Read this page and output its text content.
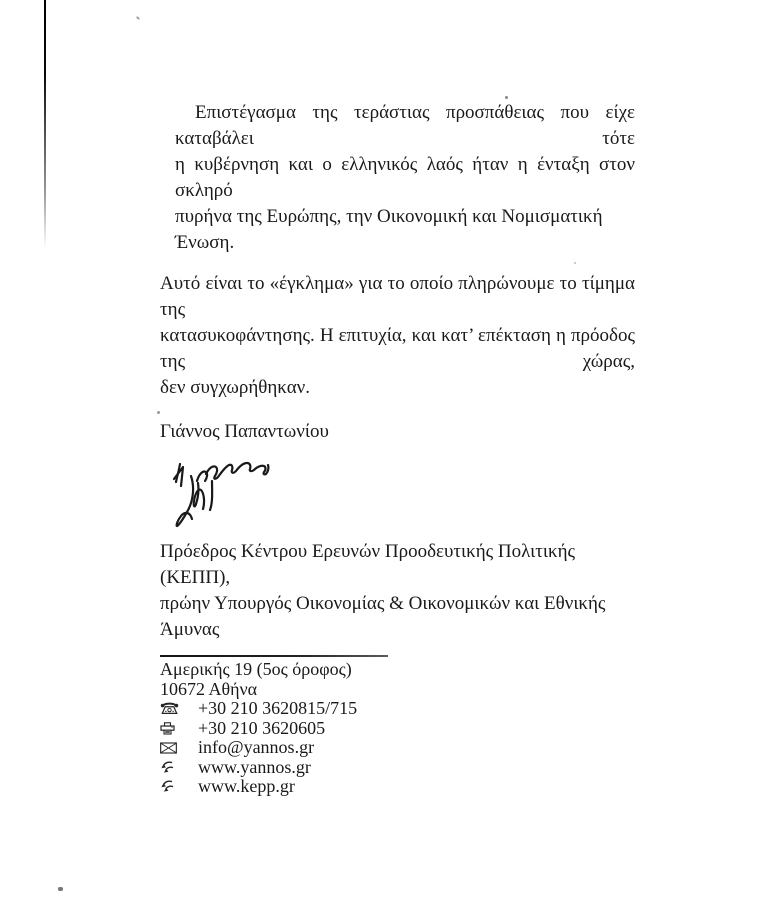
Επιστέγασμα της τεράστιας προσπάθειας που είχε καταβάλει τότε
η κυβέρνηση και ο ελληνικός λαός ήταν η ένταξη στον σκληρό
πυρήνα της Ευρώπης, την Οικονομική και Νομισματική Ένωση.
Αυτό είναι το «έγκλημα» για το οποίο πληρώνουμε το τίμημα της
κατασυκοφάντησης. Η επιτυχία, και κατ’ επέκταση η πρόοδος της χώρας,
δεν συγχωρήθηκαν.
Γιάννος Παπαντωνίου
Πρόεδρος Κέντρου Ερευνών Προοδευτικής Πολιτικής (ΚΕΠΠ),
πρώην Υπουργός Οικονομίας & Οικονομικών και Εθνικής Άμυνας
Αμερικής 19 (5ος όροφος)
10672 Αθήνα
+30 210 3620815/715
+30 210 3620605
info@yannos.gr
www.yannos.gr
www.kepp.gr
